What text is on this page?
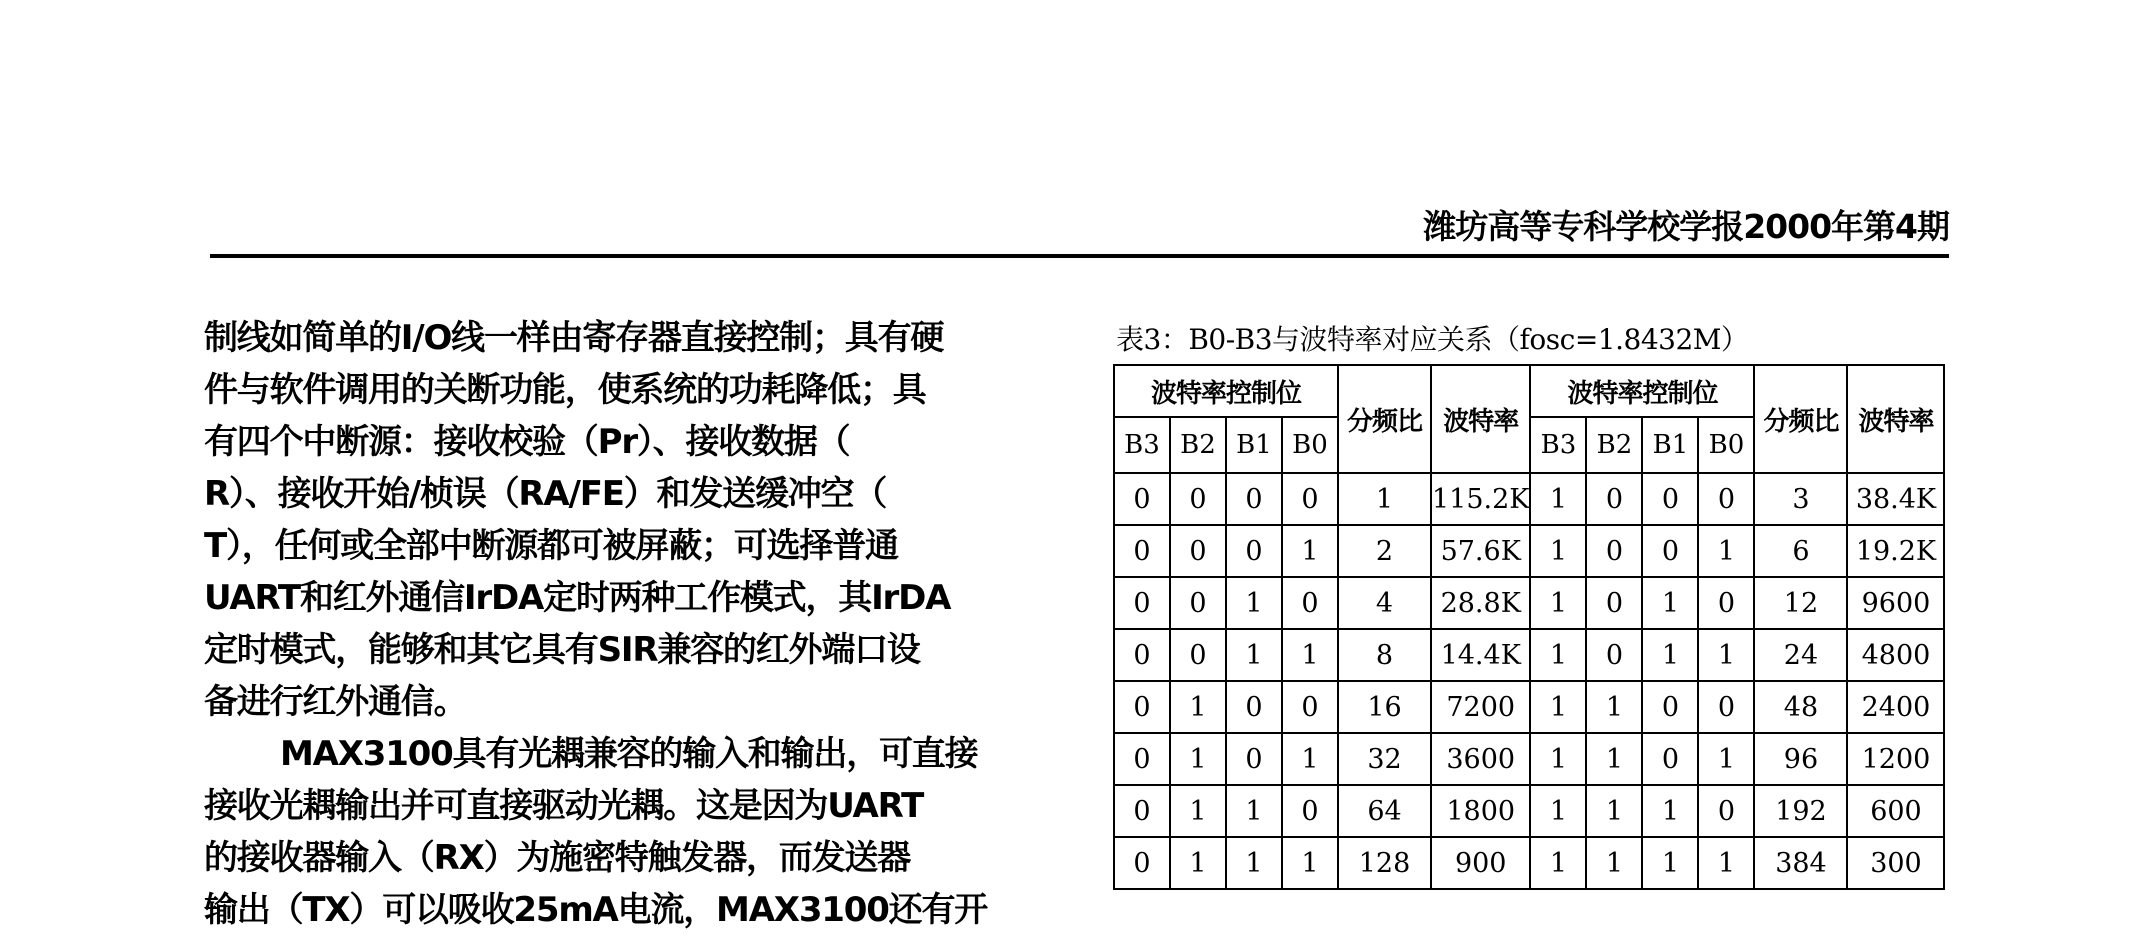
潍坊高等专科学校学报2000年第4期
制线如简单的I/O线一样由寄存器直接控制；具有硬
件与软件调用的关断功能，使系统的功耗降低；具
有四个中断源：接收校验（Pr）、接收数据（
R）、接收开始/桢误（RA/FE）和发送缓冲空（
T），任何或全部中断源都可被屏蔽；可选择普通
UART和红外通信IrDA定时两种工作模式，其IrDA
定时模式，能够和其它具有SIR兼容的红外端口设
备进行红外通信。
MAX3100具有光耦兼容的输入和输出，可直接
接收光耦输出并可直接驱动光耦。这是因为UART
的接收器输入（RX）为施密特触发器，而发送器
输出（TX）可以吸收25mA电流，MAX3100还有开
表3：B0-B3与波特率对应关系（fosc=1.8432M）
波特率控制位				分频比	波特率	波特率控制位				分频比	波特率
B3	B2	B1	B0			B3	B2	B1	B0		
0	0	0	0	1	115.2K	1	0	0	0	3	38.4K
0	0	0	1	2	57.6K	1	0	0	1	6	19.2K
0	0	1	0	4	28.8K	1	0	1	0	12	9600
0	0	1	1	8	14.4K	1	0	1	1	24	4800
0	1	0	0	16	7200	1	1	0	0	48	2400
0	1	0	1	32	3600	1	1	0	1	96	1200
0	1	1	0	64	1800	1	1	1	0	192	600
0	1	1	1	128	900	1	1	1	1	384	300
